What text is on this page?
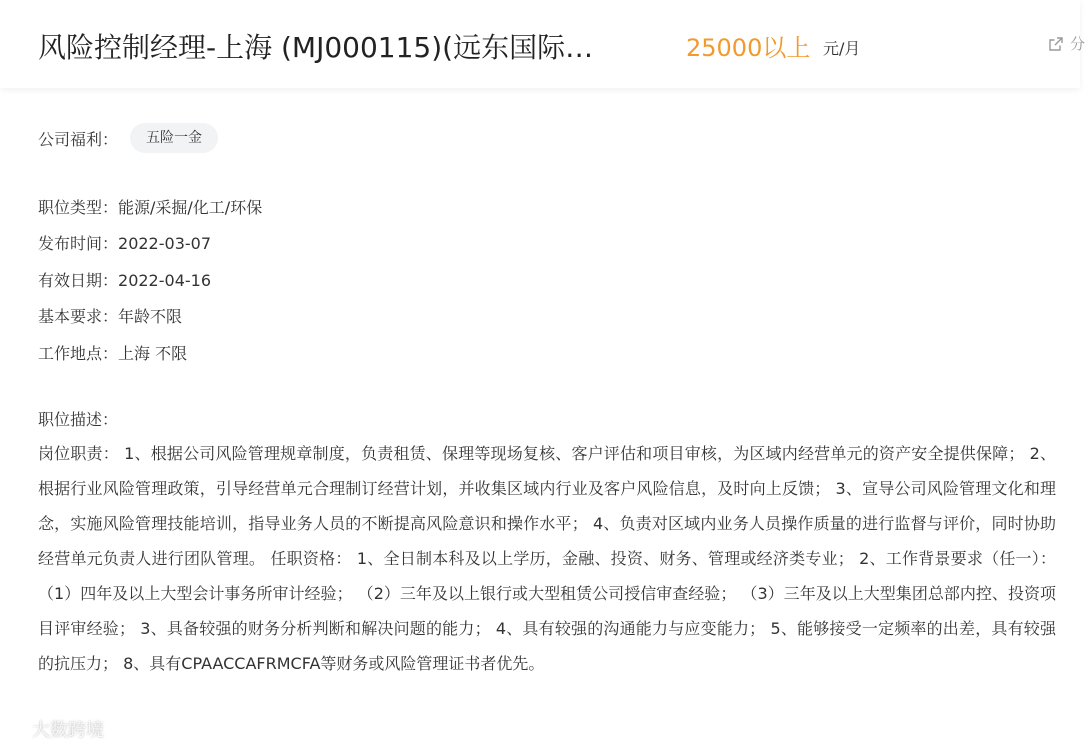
风险控制经理-上海 (MJ000115)(远东国际…	25000以上 元/月	分
公司福利：	五险一金
职位类型：能源/采掘/化工/环保
发布时间：2022-03-07
有效日期：2022-04-16
基本要求：年龄不限
工作地点：上海 不限
职位描述：
岗位职责： 1、根据公司风险管理规章制度，负责租赁、保理等现场复核、客户评估和项目审核，为区域内经营单元的资产安全提供保障； 2、根据行业风险管理政策，引导经营单元合理制订经营计划，并收集区域内行业及客户风险信息，及时向上反馈； 3、宣导公司风险管理文化和理念，实施风险管理技能培训，指导业务人员的不断提高风险意识和操作水平； 4、负责对区域内业务人员操作质量的进行监督与评价，同时协助经营单元负责人进行团队管理。 任职资格： 1、全日制本科及以上学历，金融、投资、财务、管理或经济类专业； 2、工作背景要求（任一）： （1）四年及以上大型会计事务所审计经验； （2）三年及以上银行或大型租赁公司授信审查经验； （3）三年及以上大型集团总部内控、投资项目评审经验； 3、具备较强的财务分析判断和解决问题的能力； 4、具有较强的沟通能力与应变能力； 5、能够接受一定频率的出差，具有较强的抗压力； 8、具有CPAACCAFRMCFA等财务或风险管理证书者优先。
大数跨境
